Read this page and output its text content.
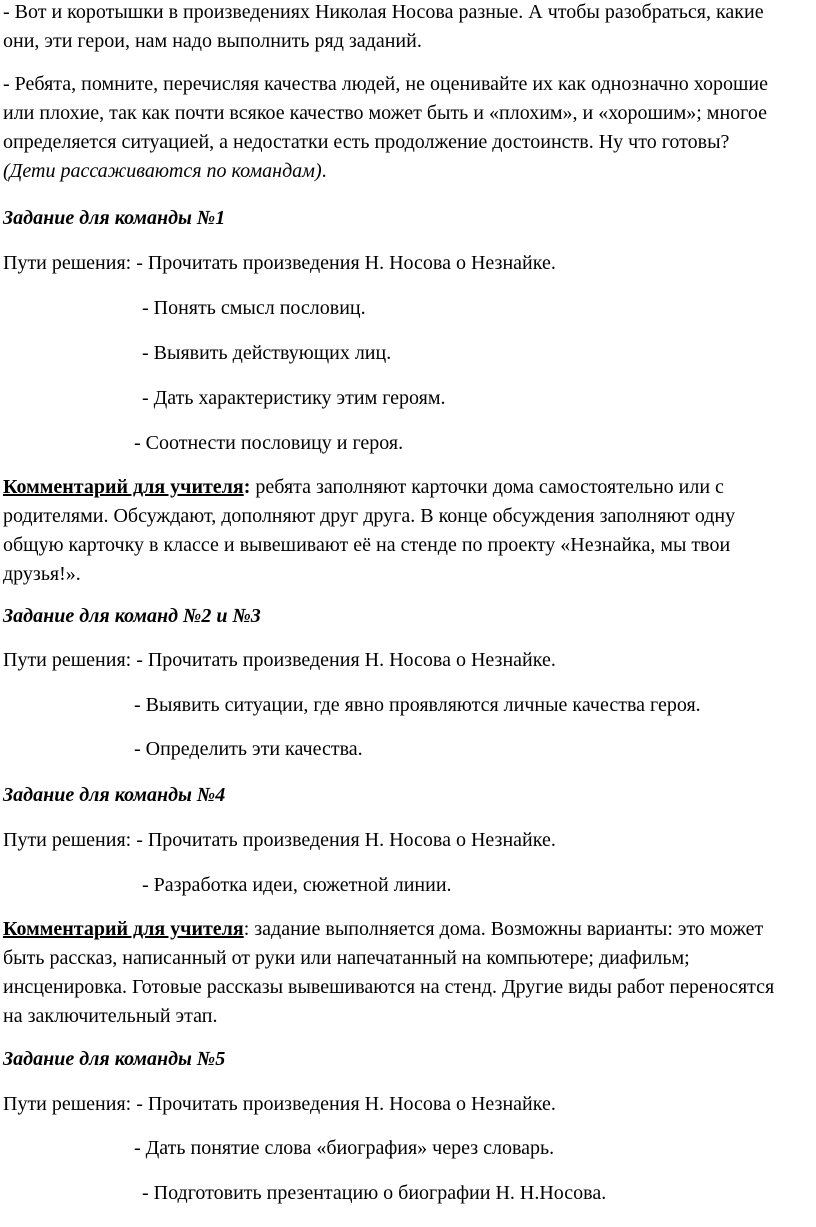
- Вот и коротышки в произведениях Николая Носова разные. А чтобы разобраться, какие
они, эти герои, нам надо выполнить ряд заданий.
- Ребята, помните, перечисляя качества людей, не оценивайте их как однозначно хорошие
или плохие, так как почти всякое качество может быть и «плохим», и «хорошим»; многое
определяется ситуацией, а недостатки есть продолжение достоинств. Ну что готовы?
(Дети рассаживаются по командам).
Задание для команды №1
Пути решения: - Прочитать произведения Н. Носова о Незнайке.
- Понять смысл пословиц.
- Выявить действующих лиц.
- Дать характеристику этим героям.
- Соотнести пословицу и героя.
Комментарий для учителя: ребята заполняют карточки дома самостоятельно или с
родителями. Обсуждают, дополняют друг друга. В конце обсуждения заполняют одну
общую карточку в классе и вывешивают её на стенде по проекту «Незнайка, мы твои
друзья!».
Задание для команд №2 и №3
Пути решения: - Прочитать произведения Н. Носова о Незнайке.
- Выявить ситуации, где явно проявляются личные качества героя.
- Определить эти качества.
Задание для команды №4
Пути решения: - Прочитать произведения Н. Носова о Незнайке.
- Разработка идеи, сюжетной линии.
Комментарий для учителя: задание выполняется дома. Возможны варианты: это может
быть рассказ, написанный от руки или напечатанный на компьютере; диафильм;
инсценировка. Готовые рассказы вывешиваются на стенд. Другие виды работ переносятся
на заключительный этап.
Задание для команды №5
Пути решения: - Прочитать произведения Н. Носова о Незнайке.
- Дать понятие слова «биография» через словарь.
- Подготовить презентацию о биографии Н. Н.Носова.
